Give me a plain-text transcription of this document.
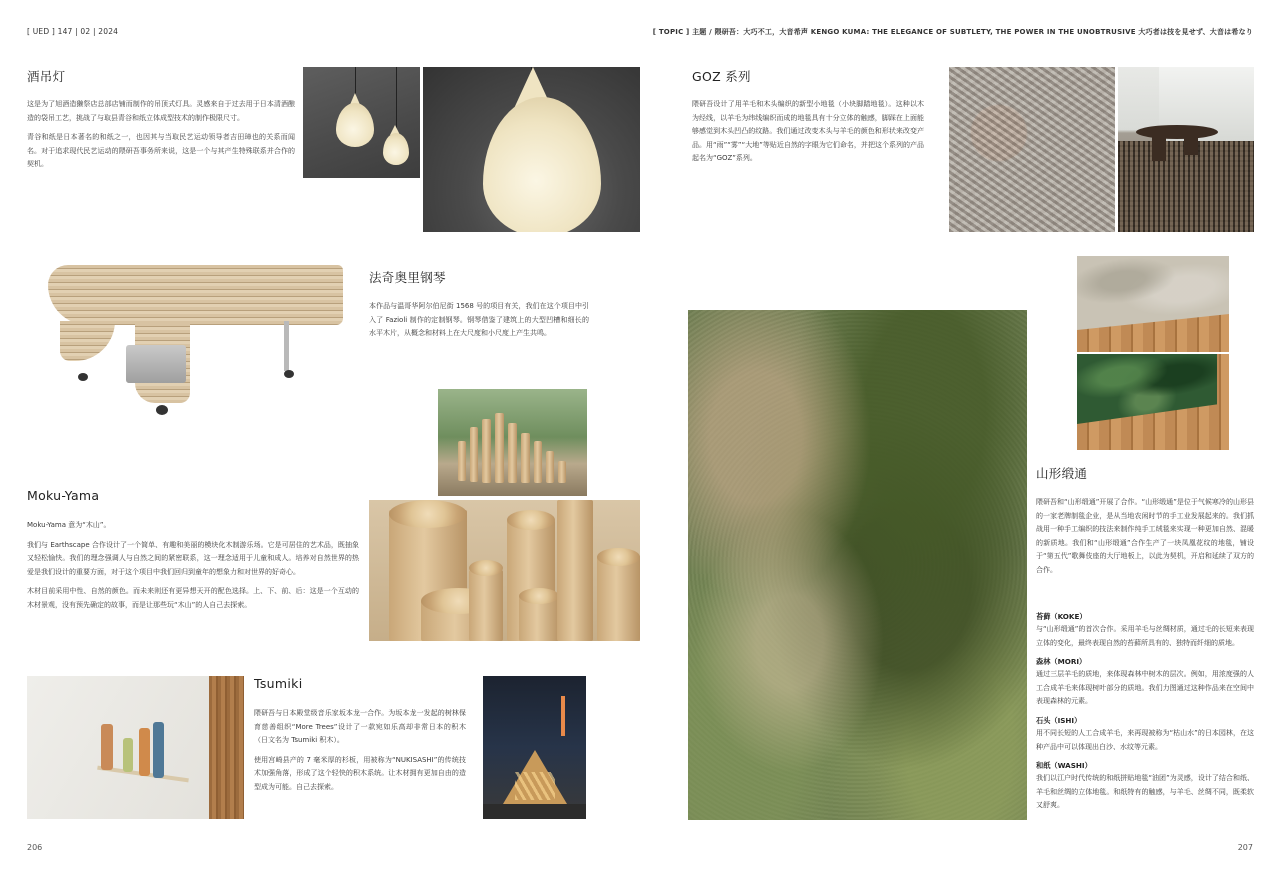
[ UED ] 147 | 02 | 2024	[ TOPIC ] 主题 / 隈研吾：大巧不工，大音希声 KENGO KUMA: THE ELEGANCE OF SUBTLETY, THE POWER IN THE UNOBTRUSIVE 大巧者は技を見せず、大音は希なり
酒吊灯

这是为了旭酒造獭祭店总部店铺而制作的吊顶式灯具。灵感来自于过去用于日本清酒酿造的袋吊工艺，挑战了与取县青谷和纸立体成型技术的制作极限尺寸。

青谷和纸是日本著名的和纸之一，也因其与当取民艺运动领导者吉田璋也的关系而闻名。对于追求现代民艺运动的隈研吾事务所来说，这是一个与其产生特殊联系并合作的契机。

法奇奥里钢琴

本作品与温哥华阿尔伯尼街 1568 号的项目有关，我们在这个项目中引入了 Fazioli 制作的定制钢琴。钢琴借鉴了建筑上的大型凹槽和细长的水平木片，从概念和材料上在大尺度和小尺度上产生共鸣。

Moku-Yama

Moku-Yama 意为“木山”。

我们与 Earthscape 合作设计了一个简单、有趣和美丽的模块化木制游乐场。它是可居住的艺术品，既抽象又轻松愉快。我们的理念强调人与自然之间的紧密联系，这一理念适用于儿童和成人。培养对自然世界的热爱是我们设计的重要方面，对于这个项目中我们回归到童年的想象力和对世界的好奇心。

木材目前采用中性、自然的颜色。而未来则还有更异想天开的配色选择。上、下、前、后：这是一个互动的木材景观，没有预先确定的故事，而是让那些玩“木山”的人自己去探索。

Tsumiki

隈研吾与日本殿堂级音乐家坂本龙一合作。为坂本龙一发起的树林保育慈善组织“More Trees”设计了一款宛如乐高却非常日本的积木（日文名为 Tsumiki 积木）。

使用宫崎县产的 7 毫米厚的杉板，用被称为“NUKISASHI”的传统技术加强角落，形成了这个轻快的积木系统。让木材拥有更加自由的造型成为可能。自己去探索。

206
GOZ 系列

隈研吾设计了用羊毛和木头编织的新型小地毯（小块脚踏地毯）。这种以木为经线，以羊毛为纬线编织而成的地毯具有十分立体的触感，脚踩在上面能够感觉到木头凹凸的纹路。我们通过改变木头与羊毛的颜色和形状来改变产品。用“雨”“雾”“大地”等贴近自然的字眼为它们命名，并把这个系列的产品起名为“GOZ”系列。

山形缎通

隈研吾和“山形缎通”开展了合作。“山形缎通”是位于气候寒冷的山形县的一家老牌制毯企业，是从当地农闲时节的手工业发展起来的。我们抓战用一种手工编织的技法来制作纯手工绒毯来实现一种更加自然、混暖的新质地。我们和“山形缎通”合作生产了一块凤凰花纹的地毯，铺设于“第五代”歌舞伎座的大厅地板上，以此为契机，开启和延续了双方的合作。

苔藓（KOKE）

与“山形缎通”的首次合作。采用羊毛与丝绸材质，通过毛的长短来表现立体的变化，最终表现自然的苔藓所具有的、独特而纤细的质地。

森林（MORI）

通过三层羊毛的质地，来体现森林中树木的层次。例如，用浓度强的人工合成羊毛来体现树叶部分的质地。我们力图通过这种作品来在空间中表现森林的元素。

石头（ISHI）

用不同长短的人工合成羊毛，来再现被称为“枯山水”的日本园林，在这种产品中可以体现出白沙、水纹等元素。

和纸（WASHI）

我们以江户时代传统的和纸拼贴地毯“油团”为灵感，设计了结合和纸、羊毛和丝绸的立体地毯。和纸特有的触感，与羊毛、丝绸不同，既柔软又舒爽。

207
